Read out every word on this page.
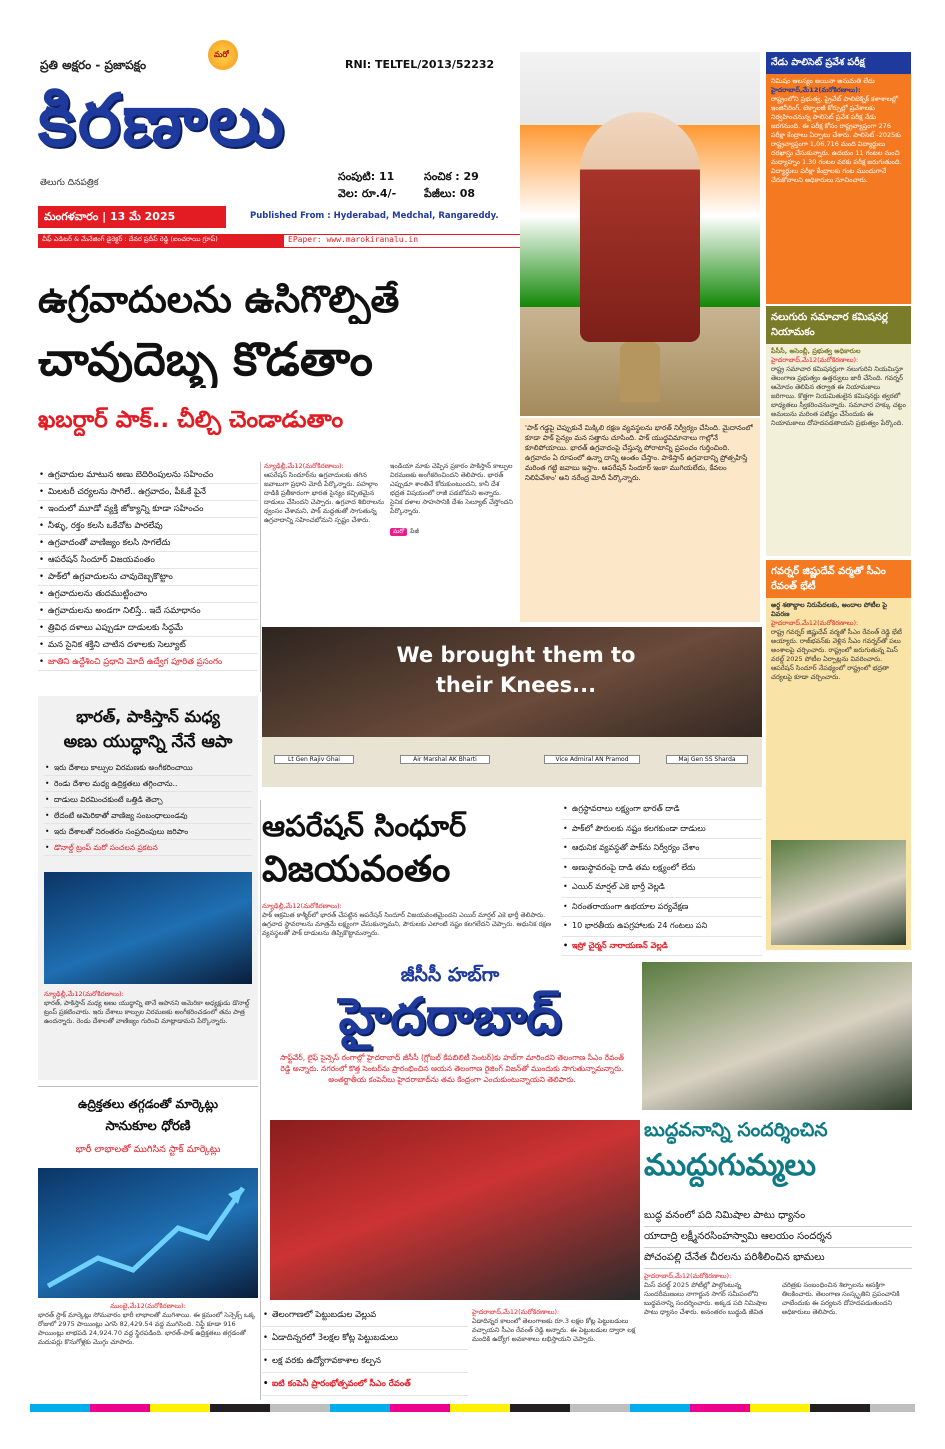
ప్రతి అక్షరం - ప్రజాపక్షం
మరో
కిరణాలు
RNI: TELTEL/2013/52232
తెలుగు దినపత్రిక	సంపుటి: 11	సంచిక : 29
వెల: రూ.4/-	పేజీలు: 08
మంగళవారం | 13 మే 2025	Published From : Hyderabad, Medchal, Rangareddy.
చీఫ్ ఎడిటర్ & మేనేజింగ్ డైరెక్టర్ : దేవర ప్రదీప్ రెడ్డి (ఐంచరాయి గ్రూప్)	EPaper: www.marokiranalu.in
ఉగ్రవాదులను ఉసిగొల్పితే
చావుదెబ్బ కొడతాం
ఖబర్దార్ పాక్.. చీల్చి చెండాడుతాం
• ఉగ్రవాదుల మాటున అణు బెదిరింపులను సహించం
• మిలటరీ చర్యలను సాగిలే.. ఉగ్రవాదం, పీఓకే పైనే
• ఇందులో మూడో వ్యక్తి జోక్యాన్ని కూడా సహించం
• నీళ్ళు, రక్తం కలసి ఒకేచోట పారలేవు
• ఉగ్రవాదంతో వాణిజ్యం కలసి సాగలేదు
• ఆపరేషన్ సిందూర్ విజయవంతం
• పాక్‌లో ఉగ్రవాదులను చావుదెబ్బకొట్టాం
• ఉగ్రవాదులను తుదముట్టించాం
• ఉగ్రవాదులను అండగా నిలిస్తే.. ఇదే సమాధానం
• త్రివిధ దళాలు ఎప్పుడూ దాడులకు సిద్ధమే
• మన సైనిక శక్తిని చాటిన దళాలకు సెల్యూట్
• జాతిని ఉద్దేశించి ప్రధాని మోదీ ఉద్వేగ పూరిత ప్రసంగం
న్యూఢిల్లీ,మే12(మరోకిరణాలు):
ఆపరేషన్ సిందూర్‌ను ఉగ్రవాదులకు తగిన జవాబుగా ప్రధాని మోదీ పేర్కొన్నారు. పహల్గాం దాడికి ప్రతీకారంగా భారత సైన్యం కచ్చితమైన దాడులు చేసిందని చెప్పారు. ఉగ్రవాద శిబిరాలను ధ్వంసం చేశామని, పాక్ మద్దతుతో సాగుతున్న ఉగ్రవాదాన్ని సహించబోమని స్పష్టం చేశారు.
ఇండియా మాకు చెప్పిన ప్రకారం పాకిస్తాన్ కాల్పుల విరమణకు అంగీకరించిందని తెలిపారు. భారత్ ఎప్పుడూ శాంతినే కోరుకుంటుందని, కానీ దేశ భద్రత విషయంలో రాజీ పడబోమని అన్నారు. సైనిక దళాల సాహసానికి దేశం సెల్యూట్ చేస్తోందని పేర్కొన్నారు.
మరో పేజీ
'పాక్ గడ్డపై చెప్పుకునే మిక్కిలి రక్షణ వ్యవస్థలను భారత్ నిర్వీర్యం చేసింది. మైదానంలో కూడా పాక్ సైన్యం మన సత్తాను చూసింది. పాక్ యుద్ధవిమానాలు గాల్లోనే కూలిపోయాయి. భారత్ ఉగ్రవాదంపై చేస్తున్న పోరాటాన్ని ప్రపంచం గుర్తించింది. ఉగ్రవాదం ఏ రూపంలో ఉన్నా దాన్ని అంతం చేస్తాం. పాకిస్తాన్ ఉగ్రవాదాన్ని ప్రోత్సహిస్తే మరింత గట్టి జవాబు ఇస్తాం. ఆపరేషన్ సిందూర్ ఇంకా ముగియలేదు, కేవలం నిలిపివేశాం' అని నరేంద్ర మోదీ పేర్కొన్నారు.
We brought them to
their Knees...
Lt Gen Rajiv Ghai	Air Marshal AK Bharti	Vice Admiral AN Pramod	Maj Gen SS Sharda
నేడు పాలిసెట్ ప్రవేశ పరీక్ష
నిమిషం ఆలస్యం అయినా అనుమతి లేదు
హైదరాబాద్,మే12(మరోకిరణాలు):
రాష్ట్రంలోని ప్రభుత్వ, ప్రైవేట్ పాలిటెక్నిక్ కళాశాలల్లో ఇంజినీరింగ్, టెక్నాలజీ కోర్సుల్లో ప్రవేశాలకు నిర్వహించనున్న పాలిసెట్ ప్రవేశ పరీక్ష నేడు జరగనుంది. ఈ పరీక్ష కోసం రాష్ట్రవ్యాప్తంగా 276 పరీక్షా కేంద్రాలు ఏర్పాటు చేశారు. పాలిసెట్ -2025కు రాష్ట్రవ్యాప్తంగా 1,06,716 మంది విద్యార్థులు దరఖాస్తు చేసుకున్నారు. ఉదయం 11 గంటల నుంచి మధ్యాహ్నం 1.30 గంటల వరకు పరీక్ష జరుగుతుంది. విద్యార్థులు పరీక్షా కేంద్రాలకు గంట ముందుగానే చేరుకోవాలని అధికారులు సూచించారు.
నలుగురు సమాచార కమిషనర్ల నియామకం
పీసీసీ, అసెంబ్లీ, ప్రభుత్వ అధికారుల
హైదరాబాద్,మే12(మరోకిరణాలు):
రాష్ట్ర సమాచార కమిషనర్లుగా నలుగురిని నియమిస్తూ తెలంగాణ ప్రభుత్వం ఉత్తర్వులు జారీ చేసింది. గవర్నర్ ఆమోదం తెలిపిన తర్వాత ఈ నియామకాలు జరిగాయి. కొత్తగా నియమితులైన కమిషనర్లు త్వరలో బాధ్యతలు స్వీకరించనున్నారు. సమాచార హక్కు చట్టం అమలును మరింత పటిష్టం చేసేందుకు ఈ నియామకాలు దోహదపడతాయని ప్రభుత్వం పేర్కొంది.
గవర్నర్ జిష్ణుదేవ్ వర్మతో సీఎం రేవంత్ భేటీ
అర్థ శతాబ్దాల నిరుపేదలకు, అందాల పోటీల పై వివరణ
హైదరాబాద్,మే12(మరోకిరణాలు):
రాష్ట్ర గవర్నర్ జిష్ణుదేవ్ వర్మతో సీఎం రేవంత్ రెడ్డి భేటీ అయ్యారు. రాజ్‌భవన్‌కు వెళ్లిన సీఎం గవర్నర్‌తో పలు అంశాలపై చర్చించారు. రాష్ట్రంలో జరుగుతున్న మిస్ వరల్డ్ 2025 పోటీల ఏర్పాట్లను వివరించారు. ఆపరేషన్ సిందూర్ నేపథ్యంలో రాష్ట్రంలో భద్రతా చర్యలపై కూడా చర్చించారు.
భారత్, పాకిస్తాన్ మధ్య
అణు యుద్ధాన్ని నేనే ఆపా
• ఇరు దేశాలు కాల్పుల విరమణకు అంగీకరించాయి
• రెండు దేశాల మధ్య ఉద్రిక్తతలు తగ్గించాను..
• దాడులు విరమించకుంటే ఒత్తిడి తెచ్చా
• లేదంటే అమెరికాతో వాణిజ్య సంబంధాలుండవు
• ఇరు దేశాలతో నిరంతరం సంప్రదింపులు జరిపాం
• డొనాల్డ్ ట్రంప్ మరో సంచలన ప్రకటన
న్యూఢిల్లీ,మే12(మరోకిరణాలు):
భారత్, పాకిస్తాన్ మధ్య అణు యుద్ధాన్ని తానే ఆపానని అమెరికా అధ్యక్షుడు డొనాల్డ్ ట్రంప్ ప్రకటించారు. ఇరు దేశాలు కాల్పుల విరమణకు అంగీకరించడంలో తమ పాత్ర ఉందన్నారు. రెండు దేశాలతో వాణిజ్యం గురించి మాట్లాడామని పేర్కొన్నారు.
ఆపరేషన్ సింధూర్
విజయవంతం
• ఉగ్రస్థావరాలు లక్ష్యంగా భారత్ దాడి
• పాక్‌లో పౌరులకు నష్టం కలగకుండా దాడులు
• ఆధునిక వ్యవస్థతో పాక్‌ను నిర్వీర్యం చేశాం
• అణుస్థావరంపై దాడి తమ లక్ష్యంలో లేదు
• ఎయిర్ మార్షల్ ఎకె భార్తీ వెల్లడి
• నిరంతరాయంగా ఉభయాల పర్యవేక్షణ
• 10 భారతీయ ఉపగ్రహాలకు 24 గంటలు పని
• ఇస్రో చైర్మన్ నారాయణన్ వెల్లడి
న్యూఢిల్లీ,మే12(మరోకిరణాలు):
పాక్ ఆక్రమిత కాశ్మీర్‌లో భారత్ చేపట్టిన ఆపరేషన్ సిందూర్ విజయవంతమైందని ఎయిర్ మార్షల్ ఎకె భార్తీ తెలిపారు. ఉగ్రవాద స్థావరాలను మాత్రమే లక్ష్యంగా చేసుకున్నామని, పౌరులకు ఎలాంటి నష్టం కలగలేదని చెప్పారు. ఆధునిక రక్షణ వ్యవస్థలతో పాక్ దాడులను తిప్పికొట్టామన్నారు.
జీసీసీ హబ్‌గా
హైదరాబాద్
సాఫ్ట్‌వేర్, లైఫ్ సైన్సెస్ రంగాల్లో హైదరాబాద్ జీసీసీ (గ్లోబల్ కేపబిలిటీ సెంటర్)కు హబ్‌గా మారిందని తెలంగాణ సీఎం రేవంత్ రెడ్డి అన్నారు. నగరంలో కొత్త సెంటర్‌ను ప్రారంభించిన ఆయన తెలంగాణ రైజింగ్ విజన్‌తో ముందుకు సాగుతున్నామన్నారు. అంతర్జాతీయ కంపెనీలు హైదరాబాద్‌ను తమ కేంద్రంగా ఎంచుకుంటున్నాయని తెలిపారు.
బుద్ధవనాన్ని సందర్శించిన
ముద్దుగుమ్మలు
బుద్ధ వనంలో పది నిమిషాల పాటు ధ్యానం
యాదాద్రి లక్ష్మీనరసింహస్వామి ఆలయం సందర్శన
పోచంపల్లి చేనేత చీరలను పరిశీలించిన భామలు
హైదరాబాద్,మే12(మరోకిరణాలు):
మిస్ వరల్డ్ 2025 పోటీల్లో పాల్గొంటున్న సుందరీమణులు నాగార్జున సాగర్ సమీపంలోని బుద్ధవనాన్ని సందర్శించారు. అక్కడ పది నిమిషాల పాటు ధ్యానం చేశారు. అనంతరం బుద్ధుడి జీవిత చరిత్రకు సంబంధించిన శిల్పాలను ఆసక్తిగా తిలకించారు. తెలంగాణ సంస్కృతిని ప్రపంచానికి చాటేందుకు ఈ పర్యటన దోహదపడుతుందని అధికారులు తెలిపారు.
• తెలంగాణలో పెట్టుబడుల వెల్లువ
• ఏడాదిన్నరలో 3లక్షల కోట్ల పెట్టుబడులు
• లక్ష వరకు ఉద్యోగావకాశాల కల్పన
• ఐటి కంపెనీ ప్రారంభోత్సవంలో సీఎం రేవంత్
హైదరాబాద్,మే12(మరోకిరణాలు):
ఏడాదిన్నర కాలంలో తెలంగాణకు రూ.3 లక్షల కోట్ల పెట్టుబడులు వచ్చాయని సీఎం రేవంత్ రెడ్డి అన్నారు. ఈ పెట్టుబడుల ద్వారా లక్ష మందికి ఉద్యోగ అవకాశాలు లభిస్తాయని చెప్పారు.
ఉద్రిక్తతలు తగ్గడంతో మార్కెట్లు
సానుకూల ధోరణి
భారీ లాభాలతో ముగిసిన స్టాక్ మార్కెట్లు
ముంబై,మే12(మరోకిరణాలు):
భారత్ స్టాక్ మార్కెట్లు సోమవారం భారీ లాభాలతో ముగిశాయి. ఈ క్రమంలో సెన్సెక్స్ ఒక్క రోజులో 2975 పాయింట్లు ఎగసి 82,429.54 వద్ద ముగిసింది. నిఫ్టీ కూడా 916 పాయింట్లు లాభపడి 24,924.70 వద్ద స్థిరపడింది. భారత్-పాక్ ఉద్రిక్తతలు తగ్గడంతో మదుపర్లు కొనుగోళ్లకు మొగ్గు చూపారు.
